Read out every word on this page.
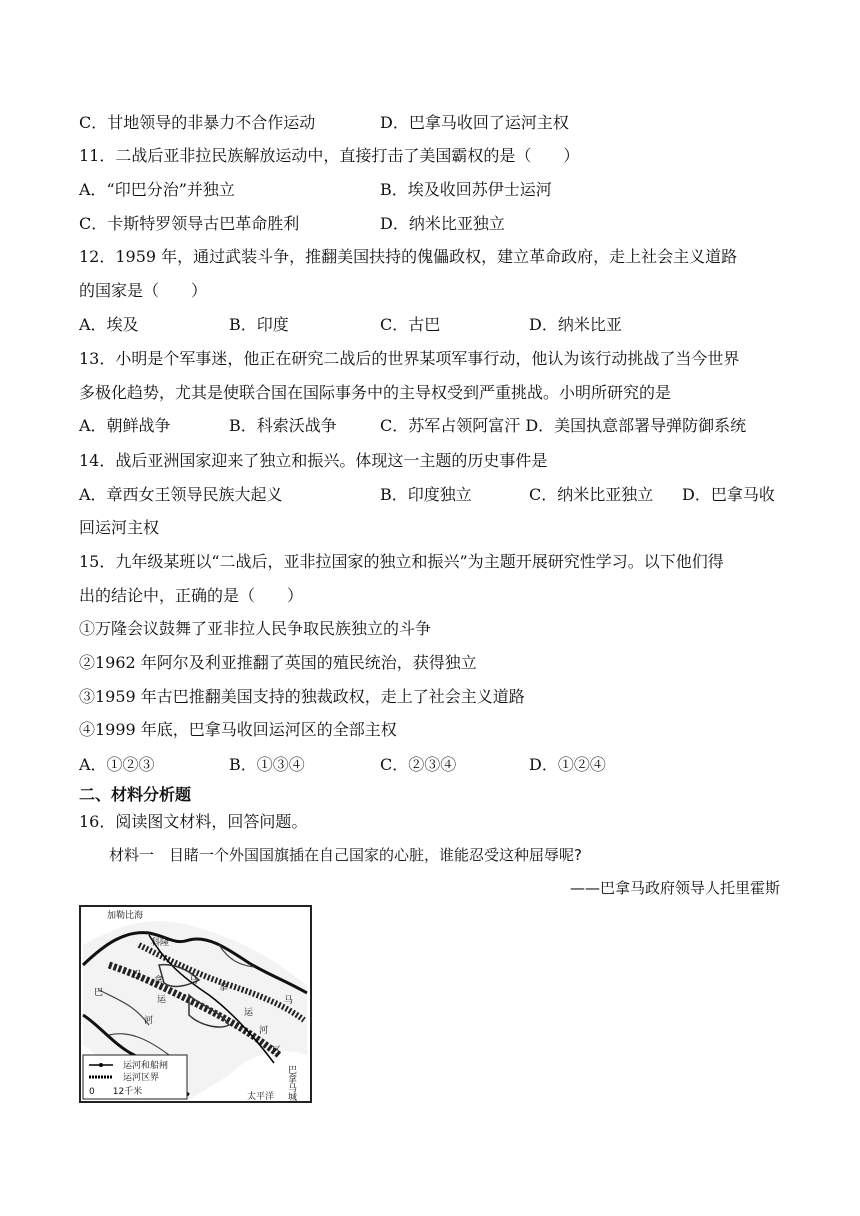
C．甘地领导的非暴力不合作运动	D．巴拿马收回了运河主权
11．二战后亚非拉民族解放运动中，直接打击了美国霸权的是（　　）
A．“印巴分治”并独立	B．埃及收回苏伊士运河
C．卡斯特罗领导古巴革命胜利	D．纳米比亚独立
12．1959 年，通过武装斗争，推翻美国扶持的傀儡政权，建立革命政府，走上社会主义道路
的国家是（　　）
A．埃及	B．印度	C．古巴	D．纳米比亚
13．小明是个军事迷，他正在研究二战后的世界某项军事行动，他认为该行动挑战了当今世界
多极化趋势，尤其是使联合国在国际事务中的主导权受到严重挑战。小明所研究的是
A．朝鲜战争	B．科索沃战争	C．苏军占领阿富汗 D．美国执意部署导弹防御系统
14．战后亚洲国家迎来了独立和振兴。体现这一主题的历史事件是
A．章西女王领导民族大起义	B．印度独立	C．纳米比亚独立 D．巴拿马收
回运河主权
15．九年级某班以“二战后，亚非拉国家的独立和振兴”为主题开展研究性学习。以下他们得
出的结论中，正确的是（　　）
①万隆会议鼓舞了亚非拉人民争取民族独立的斗争
②1962 年阿尔及利亚推翻了英国的殖民统治，获得独立
③1959 年古巴推翻美国支持的独裁政权，走上了社会主义道路
④1999 年底，巴拿马收回运河区的全部主权
A．①②③	B．①③④	C．②③④	D．①②④
二、材料分析题
16．阅读图文材料，回答问题。
材料一　目睹一个外国国旗插在自己国家的心脏，谁能忍受这种屈辱呢?
——巴拿马政府领导人托里霍斯
加勒比海
科隆
巴
巴
拿
拿
马
马
运
运
河
河
区
巴拿马城
太平洋
运河和船闸
运河区界
0　　12千米
